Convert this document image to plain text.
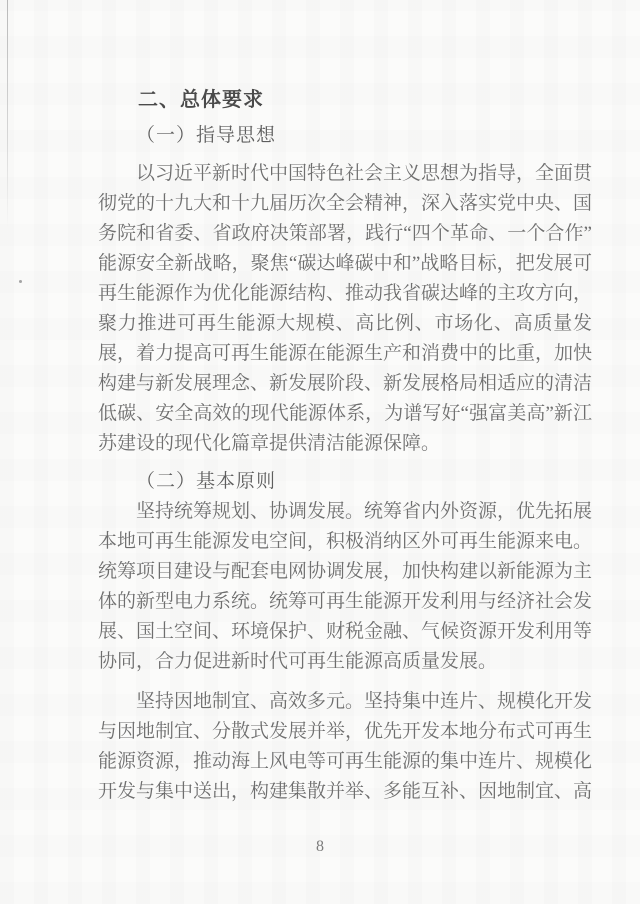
二、总体要求

（一）指导思想

以习近平新时代中国特色社会主义思想为指导，全面贯彻党的十九大和十九届历次全会精神，深入落实党中央、国务院和省委、省政府决策部署，践行“四个革命、一个合作”能源安全新战略，聚焦“碳达峰碳中和”战略目标，把发展可再生能源作为优化能源结构、推动我省碳达峰的主攻方向，聚力推进可再生能源大规模、高比例、市场化、高质量发展，着力提高可再生能源在能源生产和消费中的比重，加快构建与新发展理念、新发展阶段、新发展格局相适应的清洁低碳、安全高效的现代能源体系，为谱写好“强富美高”新江苏建设的现代化篇章提供清洁能源保障。

（二）基本原则

坚持统筹规划、协调发展。统筹省内外资源，优先拓展本地可再生能源发电空间，积极消纳区外可再生能源来电。统筹项目建设与配套电网协调发展，加快构建以新能源为主体的新型电力系统。统筹可再生能源开发利用与经济社会发展、国土空间、环境保护、财税金融、气候资源开发利用等协同，合力促进新时代可再生能源高质量发展。

坚持因地制宜、高效多元。坚持集中连片、规模化开发与因地制宜、分散式发展并举，优先开发本地分布式可再生能源资源，推动海上风电等可再生能源的集中连片、规模化开发与集中送出，构建集散并举、多能互补、因地制宜、高

8
